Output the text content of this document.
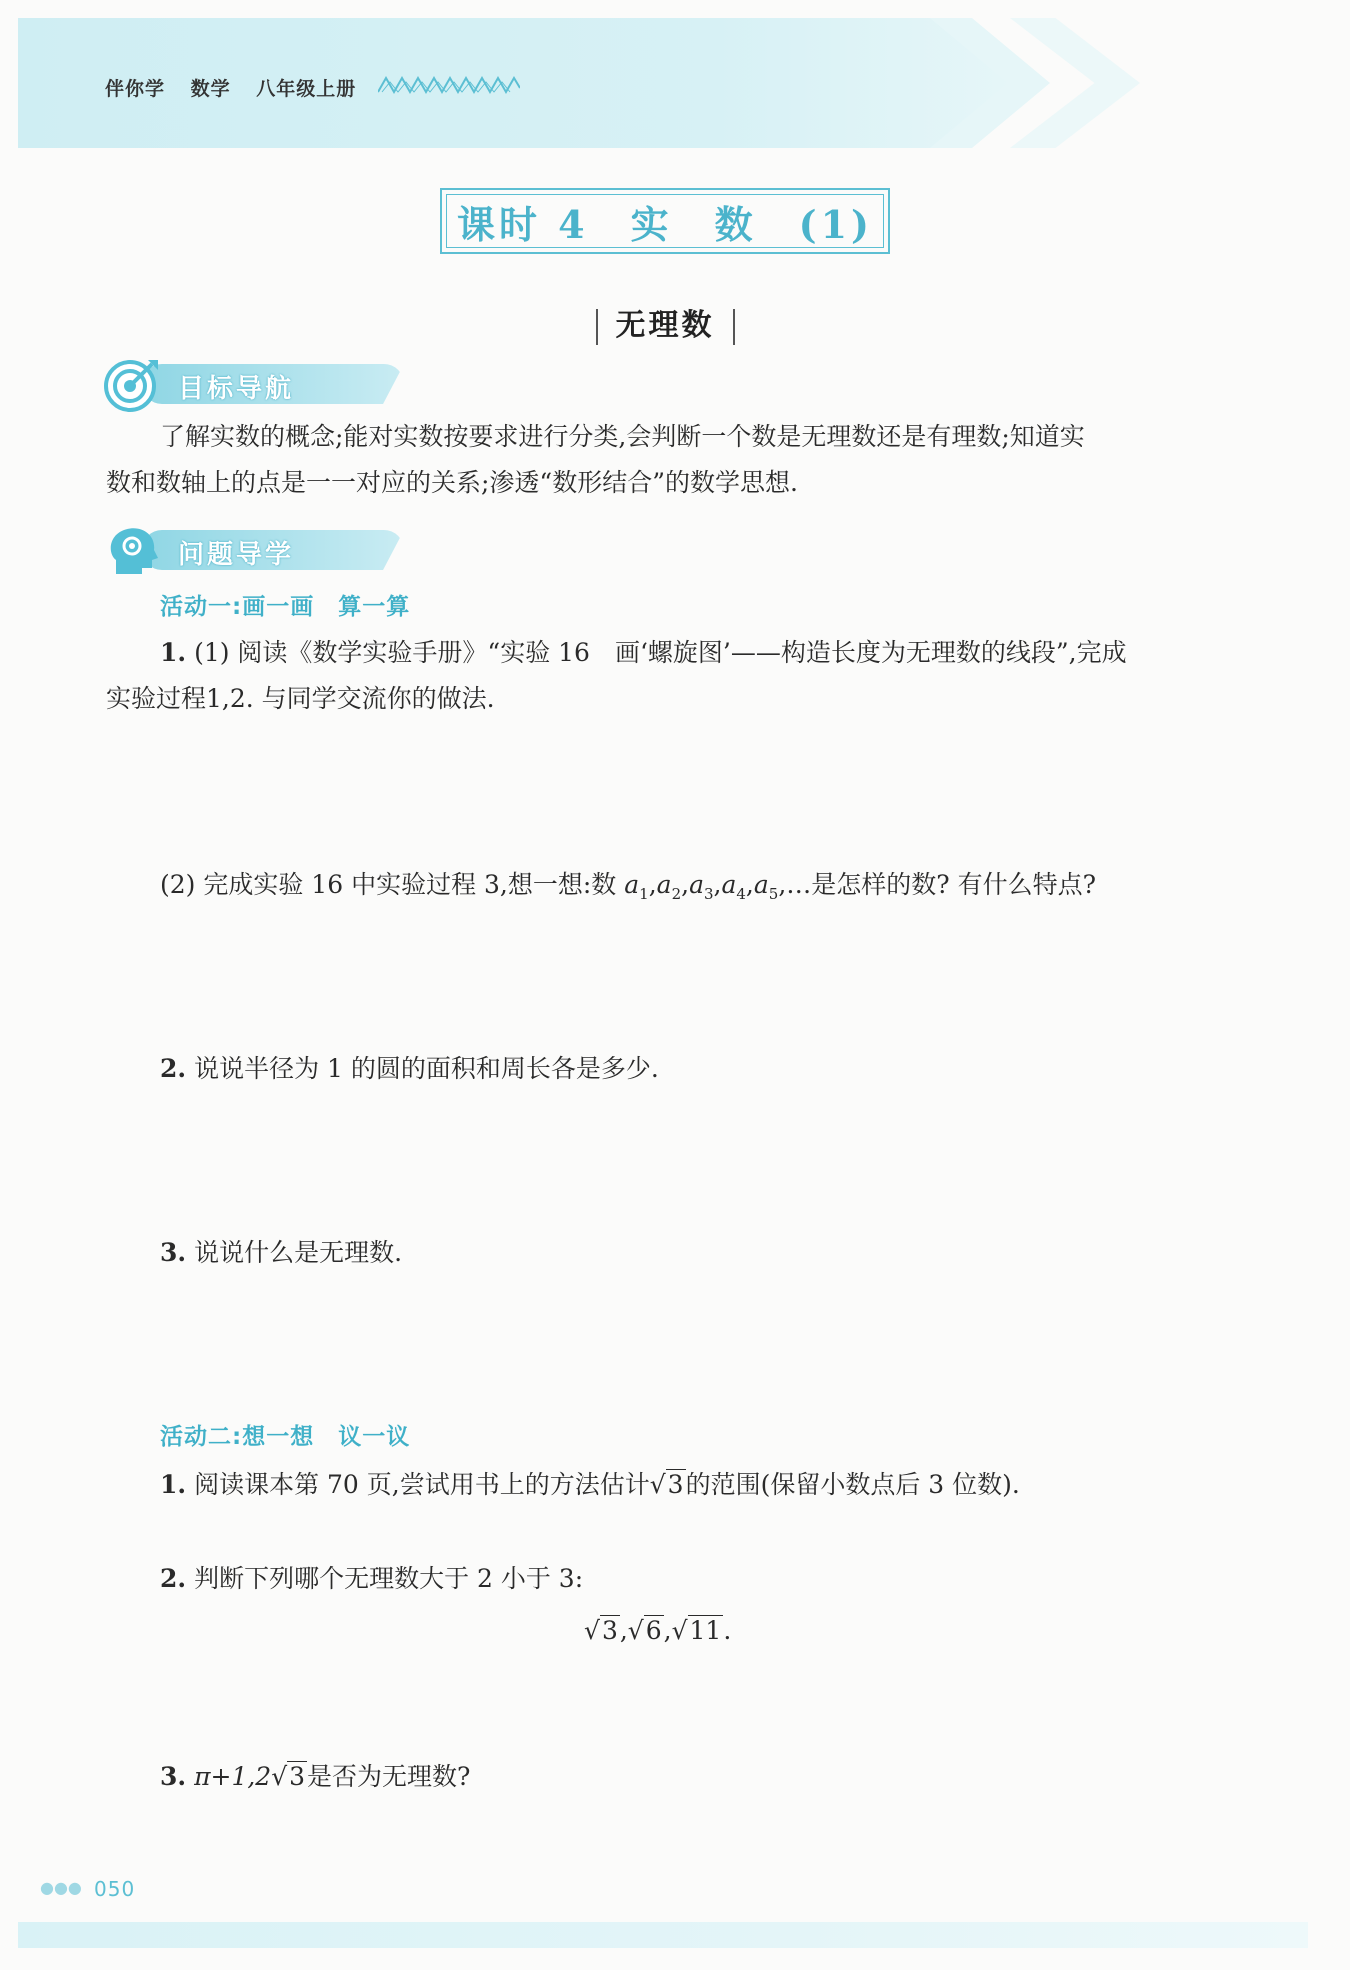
伴你学 数学 八年级上册
课时 4　实　数　(1)
无理数
目标导航
了解实数的概念;能对实数按要求进行分类,会判断一个数是无理数还是有理数;知道实
数和数轴上的点是一一对应的关系;渗透“数形结合”的数学思想.
问题导学
活动一:画一画　算一算
1. (1) 阅读《数学实验手册》“实验 16　画‘螺旋图’——构造长度为无理数的线段”,完成
实验过程1,2. 与同学交流你的做法.
(2) 完成实验 16 中实验过程 3,想一想:数 $a_1,a_2,a_3,a_4,a_5,\dots$是怎样的数? 有什么特点?
2. 说说半径为 1 的圆的面积和周长各是多少.
3. 说说什么是无理数.
活动二:想一想　议一议
1. 阅读课本第 70 页,尝试用书上的方法估计√3的范围(保留小数点后 3 位数).
2. 判断下列哪个无理数大于 2 小于 3:
√3,√6,√11.
3. π+1,2√3是否为无理数?
●●● 050
